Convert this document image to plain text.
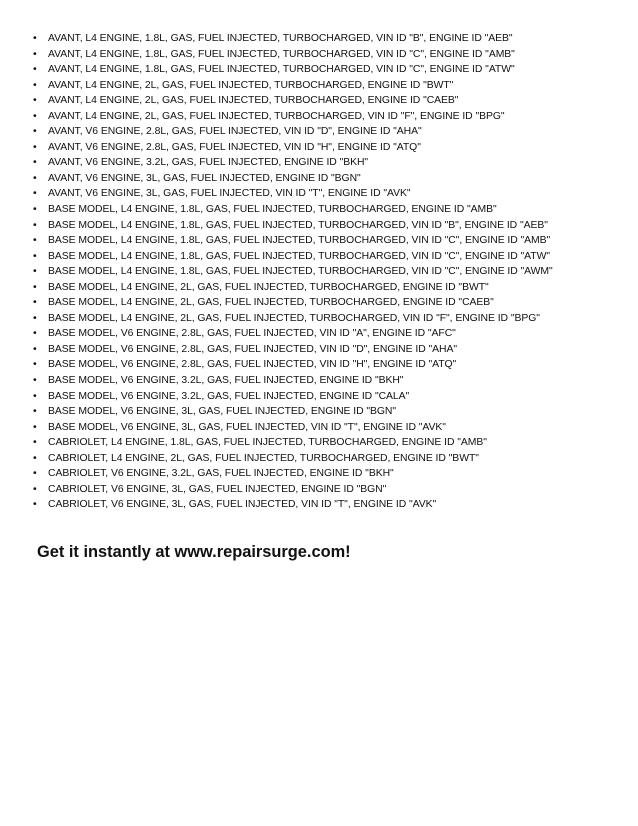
• AVANT, L4 ENGINE, 1.8L, GAS, FUEL INJECTED, TURBOCHARGED, VIN ID "B", ENGINE ID "AEB"
• AVANT, L4 ENGINE, 1.8L, GAS, FUEL INJECTED, TURBOCHARGED, VIN ID "C", ENGINE ID "AMB"
• AVANT, L4 ENGINE, 1.8L, GAS, FUEL INJECTED, TURBOCHARGED, VIN ID "C", ENGINE ID "ATW"
• AVANT, L4 ENGINE, 2L, GAS, FUEL INJECTED, TURBOCHARGED, ENGINE ID "BWT"
• AVANT, L4 ENGINE, 2L, GAS, FUEL INJECTED, TURBOCHARGED, ENGINE ID "CAEB"
• AVANT, L4 ENGINE, 2L, GAS, FUEL INJECTED, TURBOCHARGED, VIN ID "F", ENGINE ID "BPG"
• AVANT, V6 ENGINE, 2.8L, GAS, FUEL INJECTED, VIN ID "D", ENGINE ID "AHA"
• AVANT, V6 ENGINE, 2.8L, GAS, FUEL INJECTED, VIN ID "H", ENGINE ID "ATQ"
• AVANT, V6 ENGINE, 3.2L, GAS, FUEL INJECTED, ENGINE ID "BKH"
• AVANT, V6 ENGINE, 3L, GAS, FUEL INJECTED, ENGINE ID "BGN"
• AVANT, V6 ENGINE, 3L, GAS, FUEL INJECTED, VIN ID "T", ENGINE ID "AVK"
• BASE MODEL, L4 ENGINE, 1.8L, GAS, FUEL INJECTED, TURBOCHARGED, ENGINE ID "AMB"
• BASE MODEL, L4 ENGINE, 1.8L, GAS, FUEL INJECTED, TURBOCHARGED, VIN ID "B", ENGINE ID "AEB"
• BASE MODEL, L4 ENGINE, 1.8L, GAS, FUEL INJECTED, TURBOCHARGED, VIN ID "C", ENGINE ID "AMB"
• BASE MODEL, L4 ENGINE, 1.8L, GAS, FUEL INJECTED, TURBOCHARGED, VIN ID "C", ENGINE ID "ATW"
• BASE MODEL, L4 ENGINE, 1.8L, GAS, FUEL INJECTED, TURBOCHARGED, VIN ID "C", ENGINE ID "AWM"
• BASE MODEL, L4 ENGINE, 2L, GAS, FUEL INJECTED, TURBOCHARGED, ENGINE ID "BWT"
• BASE MODEL, L4 ENGINE, 2L, GAS, FUEL INJECTED, TURBOCHARGED, ENGINE ID "CAEB"
• BASE MODEL, L4 ENGINE, 2L, GAS, FUEL INJECTED, TURBOCHARGED, VIN ID "F", ENGINE ID "BPG"
• BASE MODEL, V6 ENGINE, 2.8L, GAS, FUEL INJECTED, VIN ID "A", ENGINE ID "AFC"
• BASE MODEL, V6 ENGINE, 2.8L, GAS, FUEL INJECTED, VIN ID "D", ENGINE ID "AHA"
• BASE MODEL, V6 ENGINE, 2.8L, GAS, FUEL INJECTED, VIN ID "H", ENGINE ID "ATQ"
• BASE MODEL, V6 ENGINE, 3.2L, GAS, FUEL INJECTED, ENGINE ID "BKH"
• BASE MODEL, V6 ENGINE, 3.2L, GAS, FUEL INJECTED, ENGINE ID "CALA"
• BASE MODEL, V6 ENGINE, 3L, GAS, FUEL INJECTED, ENGINE ID "BGN"
• BASE MODEL, V6 ENGINE, 3L, GAS, FUEL INJECTED, VIN ID "T", ENGINE ID "AVK"
• CABRIOLET, L4 ENGINE, 1.8L, GAS, FUEL INJECTED, TURBOCHARGED, ENGINE ID "AMB"
• CABRIOLET, L4 ENGINE, 2L, GAS, FUEL INJECTED, TURBOCHARGED, ENGINE ID "BWT"
• CABRIOLET, V6 ENGINE, 3.2L, GAS, FUEL INJECTED, ENGINE ID "BKH"
• CABRIOLET, V6 ENGINE, 3L, GAS, FUEL INJECTED, ENGINE ID "BGN"
• CABRIOLET, V6 ENGINE, 3L, GAS, FUEL INJECTED, VIN ID "T", ENGINE ID "AVK"

Get it instantly at www.repairsurge.com!
